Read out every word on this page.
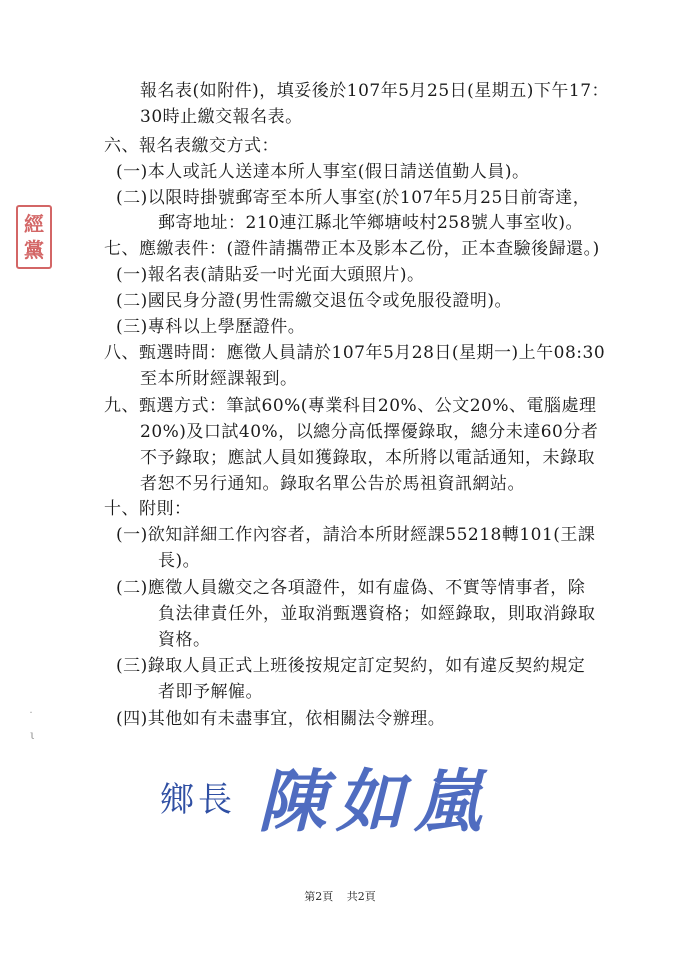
報名表(如附件)，填妥後於107年5月25日(星期五)下午17：
30時止繳交報名表。
六、報名表繳交方式：
(一)本人或託人送達本所人事室(假日請送值勤人員)。
(二)以限時掛號郵寄至本所人事室(於107年5月25日前寄達，
郵寄地址：210連江縣北竿鄉塘岐村258號人事室收)。
七、應繳表件：(證件請攜帶正本及影本乙份，正本查驗後歸還。)
(一)報名表(請貼妥一吋光面大頭照片)。
(二)國民身分證(男性需繳交退伍令或免服役證明)。
(三)專科以上學歷證件。
八、甄選時間：應徵人員請於107年5月28日(星期一)上午08:30
至本所財經課報到。
九、甄選方式：筆試60%(專業科目20%、公文20%、電腦處理
20%)及口試40%，以總分高低擇優錄取，總分未達60分者
不予錄取；應試人員如獲錄取，本所將以電話通知，未錄取
者恕不另行通知。錄取名單公告於馬祖資訊網站。
十、附則：
(一)欲知詳細工作內容者，請洽本所財經課55218轉101(王課
長)。
(二)應徵人員繳交之各項證件，如有虛偽、不實等情事者，除
負法律責任外，並取消甄選資格；如經錄取，則取消錄取
資格。
(三)錄取人員正式上班後按規定訂定契約，如有違反契約規定
者即予解僱。
(四)其他如有未盡事宜，依相關法令辦理。
經
黨
˙
ι
鄉長 陳如嵐
第2頁 共2頁
